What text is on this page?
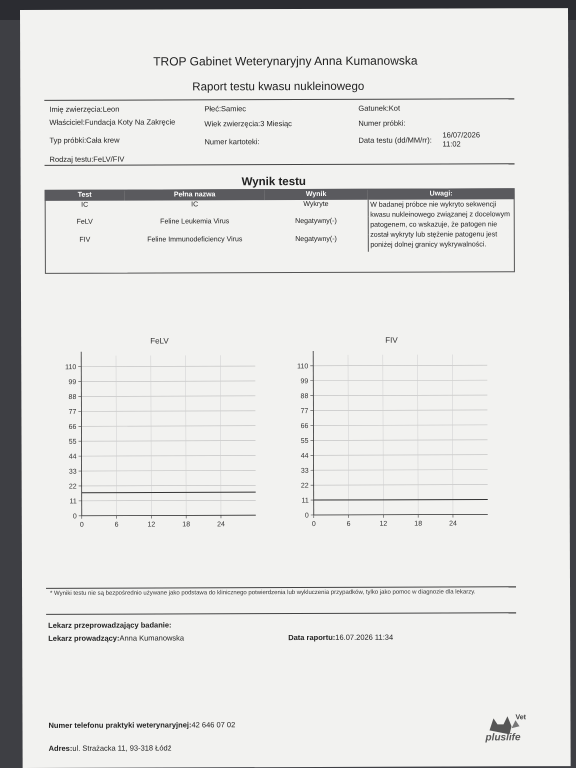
TROP Gabinet Weterynaryjny Anna Kumanowska
Raport testu kwasu nukleinowego
Imię zwierzęcia:Leon	Płeć:Samiec	Gatunek:Kot
Właściciel:Fundacja Koty Na Zakręcie	Wiek zwierzęcia:3 Miesiąc	Numer próbki:
Typ próbki:Cała krew	Numer kartoteki:	Data testu (dd/MM/rr):
16/07/2026
11:02
Rodzaj testu:FeLV/FIV
Wynik testu
Test	Pełna nazwa	Wynik	Uwagi:
IC	IC	Wykryte	W badanej próbce nie wykryto sekwencji kwasu nukleinowego związanej z docelowym patogenem, co wskazuje, że patogen nie został wykryty lub stężenie patogenu jest poniżej dolnej granicy wykrywalności.
FeLV	Feline Leukemia Virus	Negatywny(-)	
FIV	Feline Immunodeficiency Virus	Negatywny(-)	
FeLV
0
11
22
33
44
55
66
77
88
99
110
0	6	12	18	24
FIV
0
11
22
33
44
55
66
77
88
99
110
0	6	12	18	24
* Wyniki testu nie są bezpośrednio używane jako podstawa do klinicznego potwierdzenia lub wykluczenia przypadków, tylko jako pomoc w diagnozie dla lekarzy.
Lekarz przeprowadzający badanie:
Lekarz prowadzący:Anna Kumanowska	Data raportu:16.07.2026 11:34
Numer telefonu praktyki weterynaryjnej:42 646 07 02
Adres:ul. Strażacka 11, 93-318 Łódź
Vet
pluslife
